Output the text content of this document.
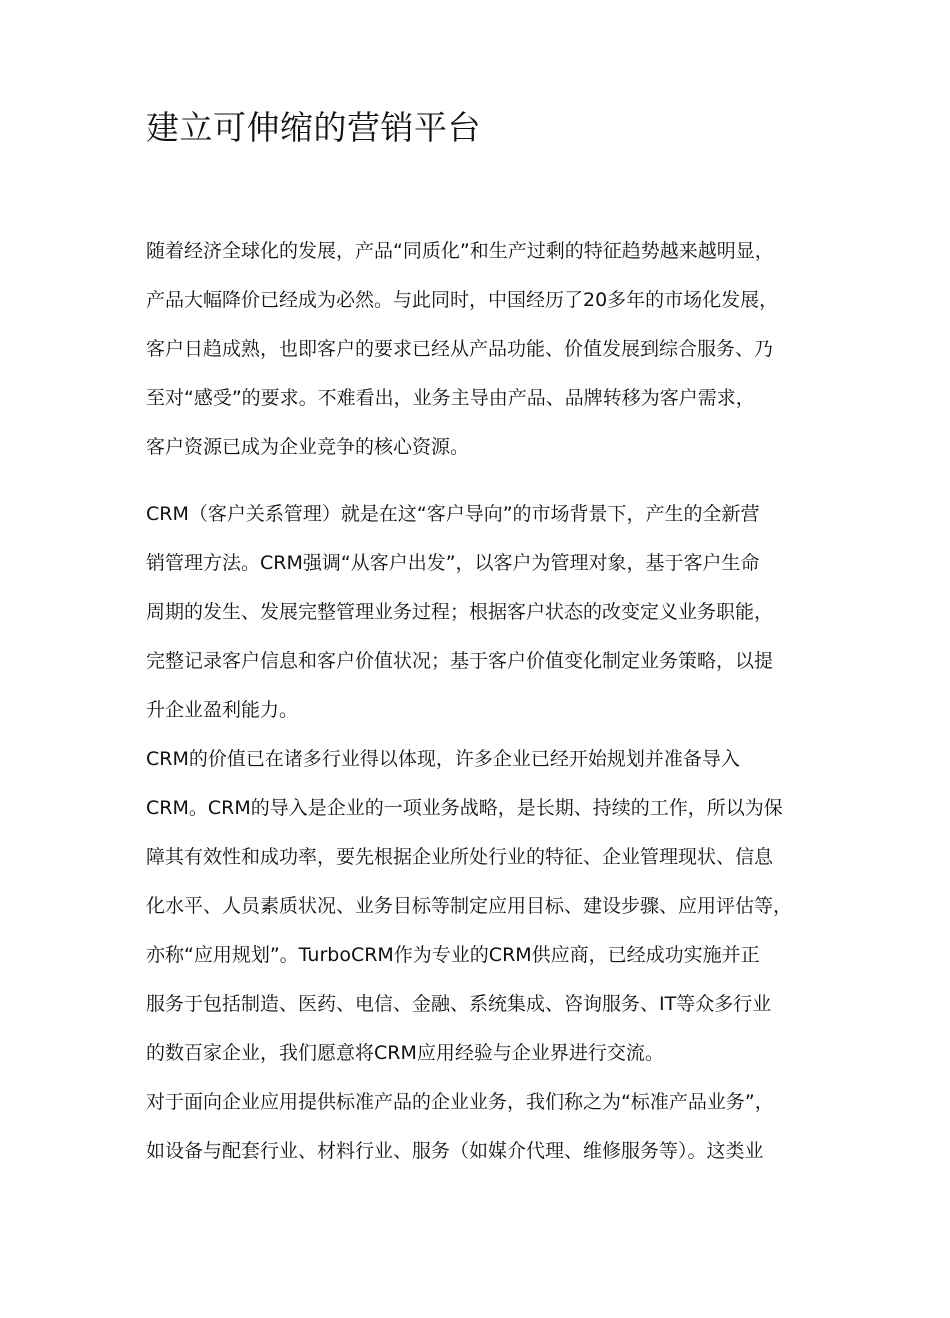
建立可伸缩的营销平台
随着经济全球化的发展，产品“同质化”和生产过剩的特征趋势越来越明显，
产品大幅降价已经成为必然。与此同时，中国经历了20多年的市场化发展，
客户日趋成熟，也即客户的要求已经从产品功能、价值发展到综合服务、乃
至对“感受”的要求。不难看出，业务主导由产品、品牌转移为客户需求，
客户资源已成为企业竞争的核心资源。
CRM（客户关系管理）就是在这“客户导向”的市场背景下，产生的全新营
销管理方法。CRM强调“从客户出发”，以客户为管理对象，基于客户生命
周期的发生、发展完整管理业务过程；根据客户状态的改变定义业务职能，
完整记录客户信息和客户价值状况；基于客户价值变化制定业务策略，以提
升企业盈利能力。
CRM的价值已在诸多行业得以体现，许多企业已经开始规划并准备导入
CRM。CRM的导入是企业的一项业务战略，是长期、持续的工作，所以为保
障其有效性和成功率，要先根据企业所处行业的特征、企业管理现状、信息
化水平、人员素质状况、业务目标等制定应用目标、建设步骤、应用评估等，
亦称“应用规划”。TurboCRM作为专业的CRM供应商，已经成功实施并正
服务于包括制造、医药、电信、金融、系统集成、咨询服务、IT等众多行业
的数百家企业，我们愿意将CRM应用经验与企业界进行交流。
对于面向企业应用提供标准产品的企业业务，我们称之为“标准产品业务”，
如设备与配套行业、材料行业、服务（如媒介代理、维修服务等）。这类业
